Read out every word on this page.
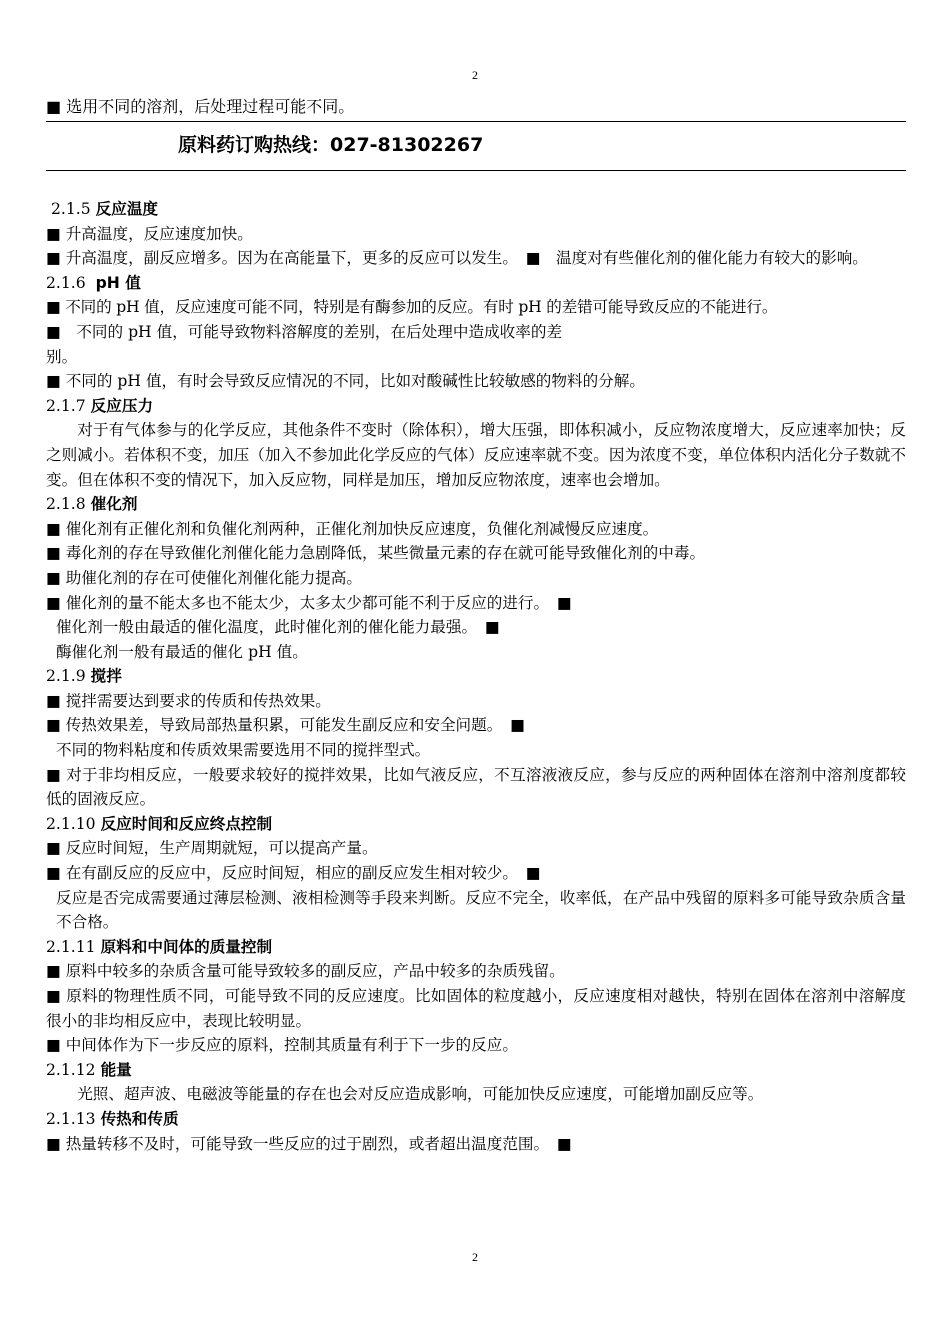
2
■ 选用不同的溶剂，后处理过程可能不同。
原料药订购热线：027-81302267

2.1.5 反应温度

■ 升高温度，反应速度加快。

■ 升高温度，副反应增多。因为在高能量下，更多的反应可以发生。　■　温度对有些催化剂的催化能力有较大的影响。

2.1.6 pH 值

■ 不同的 pH 值，反应速度可能不同，特别是有酶参加的反应。有时 pH 的差错可能导致反应的不能进行。

■　不同的 pH 值，可能导致物料溶解度的差别，在后处理中造成收率的差

别。

■ 不同的 pH 值，有时会导致反应情况的不同，比如对酸碱性比较敏感的物料的分解。

2.1.7 反应压力

对于有气体参与的化学反应，其他条件不变时（除体积），增大压强，即体积减小，反应物浓度增大，反应速率加快；反之则减小。若体积不变，加压（加入不参加此化学反应的气体）反应速率就不变。因为浓度不变，单位体积内活化分子数就不变。但在体积不变的情况下，加入反应物，同样是加压，增加反应物浓度，速率也会增加。

2.1.8 催化剂

■ 催化剂有正催化剂和负催化剂两种，正催化剂加快反应速度，负催化剂减慢反应速度。

■ 毒化剂的存在导致催化剂催化能力急剧降低，某些微量元素的存在就可能导致催化剂的中毒。

■ 助催化剂的存在可使催化剂催化能力提高。

■ 催化剂的量不能太多也不能太少，太多太少都可能不利于反应的进行。　■

催化剂一般由最适的催化温度，此时催化剂的催化能力最强。　■

酶催化剂一般有最适的催化 pH 值。

2.1.9 搅拌

■ 搅拌需要达到要求的传质和传热效果。

■ 传热效果差，导致局部热量积累，可能发生副反应和安全问题。　■

不同的物料粘度和传质效果需要选用不同的搅拌型式。

■ 对于非均相反应，一般要求较好的搅拌效果，比如气液反应，不互溶液液反应，参与反应的两种固体在溶剂中溶剂度都较低的固液反应。

2.1.10 反应时间和反应终点控制

■ 反应时间短，生产周期就短，可以提高产量。

■ 在有副反应的反应中，反应时间短，相应的副反应发生相对较少。　■

反应是否完成需要通过薄层检测、液相检测等手段来判断。反应不完全，收率低，在产品中残留的原料多可能导致杂质含量不合格。

2.1.11 原料和中间体的质量控制

■ 原料中较多的杂质含量可能导致较多的副反应，产品中较多的杂质残留。

■ 原料的物理性质不同，可能导致不同的反应速度。比如固体的粒度越小，反应速度相对越快，特别在固体在溶剂中溶解度很小的非均相反应中，表现比较明显。

■ 中间体作为下一步反应的原料，控制其质量有利于下一步的反应。

2.1.12 能量

光照、超声波、电磁波等能量的存在也会对反应造成影响，可能加快反应速度，可能增加副反应等。

2.1.13 传热和传质

■ 热量转移不及时，可能导致一些反应的过于剧烈，或者超出温度范围。　■

2
